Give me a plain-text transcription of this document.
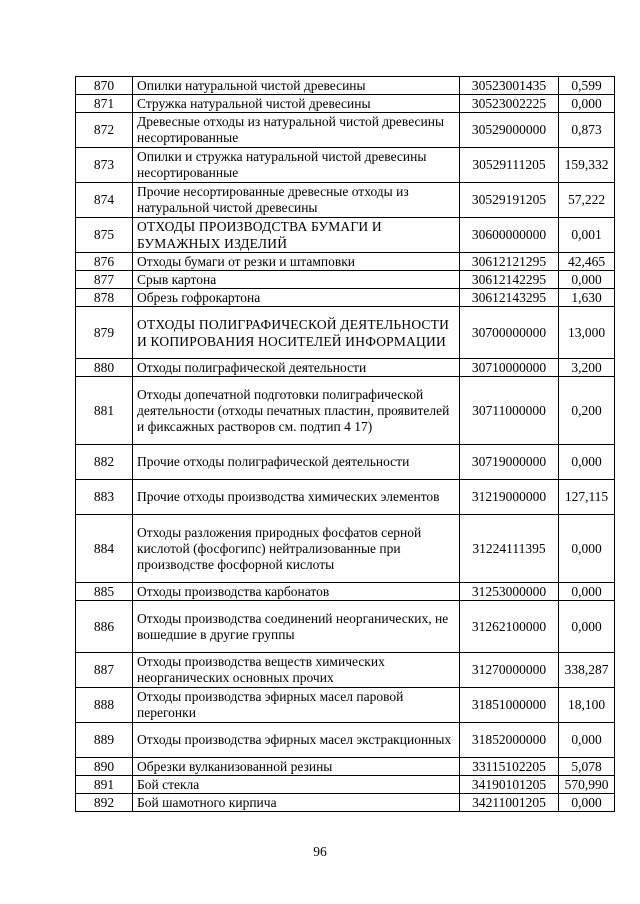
870	Опилки натуральной чистой древесины	30523001435	0,599
871	Стружка натуральной чистой древесины	30523002225	0,000
872	Древесные отходы из натуральной чистой древесины несортированные	30529000000	0,873
873	Опилки и стружка натуральной чистой древесины несортированные	30529111205	159,332
874	Прочие несортированные древесные отходы из натуральной чистой древесины	30529191205	57,222
875	ОТХОДЫ ПРОИЗВОДСТВА БУМАГИ И БУМАЖНЫХ ИЗДЕЛИЙ	30600000000	0,001
876	Отходы бумаги от резки и штамповки	30612121295	42,465
877	Срыв картона	30612142295	0,000
878	Обрезь гофрокартона	30612143295	1,630
879	ОТХОДЫ ПОЛИГРАФИЧЕСКОЙ ДЕЯТЕЛЬНОСТИ И КОПИРОВАНИЯ НОСИТЕЛЕЙ ИНФОРМАЦИИ	30700000000	13,000
880	Отходы полиграфической деятельности	30710000000	3,200
881	Отходы допечатной подготовки полиграфической деятельности (отходы печатных пластин, проявителей и фиксажных растворов см. подтип 4 17)	30711000000	0,200
882	Прочие отходы полиграфической деятельности	30719000000	0,000
883	Прочие отходы производства химических элементов	31219000000	127,115
884	Отходы разложения природных фосфатов серной кислотой (фосфогипс) нейтрализованные при производстве фосфорной кислоты	31224111395	0,000
885	Отходы производства карбонатов	31253000000	0,000
886	Отходы производства соединений неорганических, не вошедшие в другие группы	31262100000	0,000
887	Отходы производства веществ химических неорганических основных прочих	31270000000	338,287
888	Отходы производства эфирных масел паровой перегонки	31851000000	18,100
889	Отходы производства эфирных масел экстракционных	31852000000	0,000
890	Обрезки вулканизованной резины	33115102205	5,078
891	Бой стекла	34190101205	570,990
892	Бой шамотного кирпича	34211001205	0,000
96
